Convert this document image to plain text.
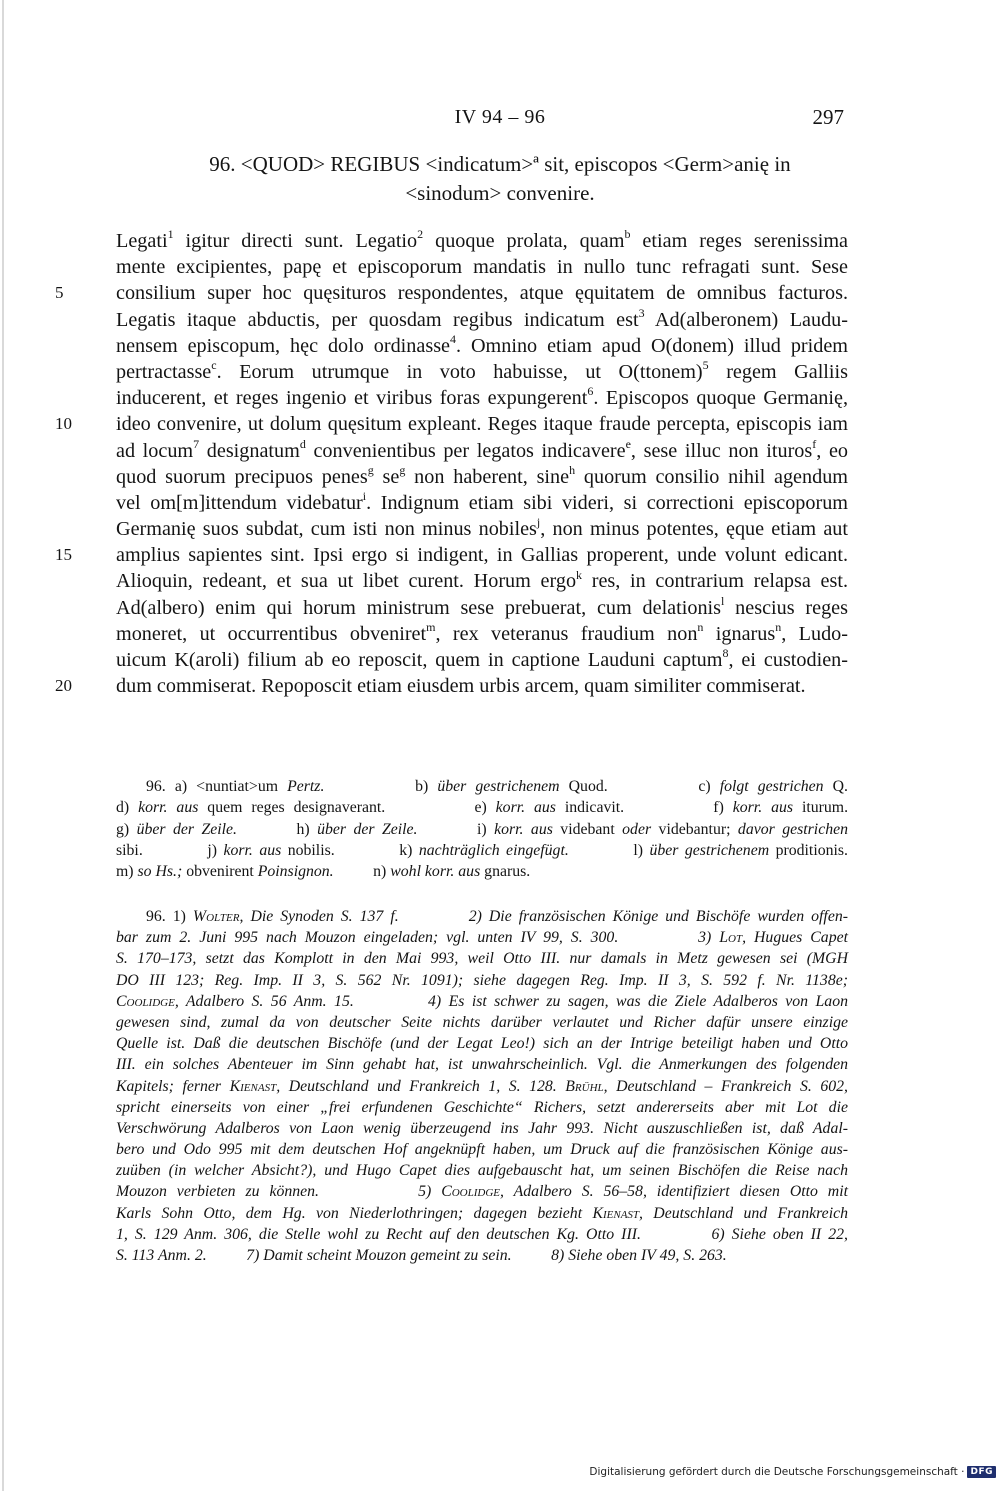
IV 94 – 96	297
96. <QUOD> REGIBUS <indicatum>ª sit, episcopos <Germ>anię in
<sinodum> convenire.
5
10
15
20
Legati$^1$ igitur directi sunt. Legatio$^2$ quoque prolata, quam$^b$ etiam reges serenissima
mente excipientes, papę et episcoporum mandatis in nullo tunc refragati sunt. Sese
consilium super hoc quęsituros respondentes, atque ęquitatem de omnibus facturos.
Legatis itaque abductis, per quosdam regibus indicatum est$^3$ Ad(alberonem) Laudu-
nensem episcopum, hęc dolo ordinasse$^4$. Omnino etiam apud O(donem) illud pridem
pertractasse$^c$. Eorum utrumque in voto habuisse, ut O(ttonem)$^5$ regem Galliis
inducerent, et reges ingenio et viribus foras expungerent$^6$. Episcopos quoque Germanię,
ideo convenire, ut dolum quęsitum expleant. Reges itaque fraude percepta, episcopis iam
ad locum$^7$ designatum$^d$ convenientibus per legatos indicavere$^e$, sese illuc non ituros$^f$, eo
quod suorum precipuos penes$^g$ $se^g$ non haberent, sine$^h$ quorum consilio nihil agendum
vel om[m]ittendum videbatur$^i$. Indignum etiam sibi videri, si correctioni episcoporum
Germanię suos subdat, cum isti non minus nobiles$^j$, non minus potentes, ęque etiam aut
amplius sapientes sint. Ipsi ergo si indigent, in Gallias properent, unde volunt edicant.
Alioquin, redeant, et sua ut libet curent. Horum ergo$^k$ res, in contrarium relapsa est.
Ad(albero) enim qui horum ministrum sese prebuerat, cum delationis$^l$ nescius reges
moneret, ut occurrentibus obveniret$^m$, rex veteranus fraudium non$^n$ ignarus$^n$, Ludo-
uicum K(aroli) filium ab eo reposcit, quem in captione Lauduni captum$^8$, ei custodien-
dum commiserat. Repoposcit etiam eiusdem urbis arcem, quam similiter commiserat.
96. a) <nuntiat>um Pertz.          b) über gestrichenem Quod.          c) folgt gestrichen Q.
d) korr. aus quem reges designaverant.          e) korr. aus indicavit.          f) korr. aus iturum.
g) über der Zeile.        h) über der Zeile.        i) korr. aus videbant oder videbantur; davor gestrichen
sibi.          j) korr. aus nobilis.          k) nachträglich eingefügt.          l) über gestrichenem proditionis.
m) so Hs.; obvenirent Poinsignon.          n) wohl korr. aus gnarus.
96. 1) Wolter, Die Synoden S. 137 f.          2) Die französischen Könige und Bischöfe wurden offen-
bar zum 2. Juni 995 nach Mouzon eingeladen; vgl. unten IV 99, S. 300.          3) Lot, Hugues Capet
S. 170–173, setzt das Komplott in den Mai 993, weil Otto III. nur damals in Metz gewesen sei (MGH
DO III 123; Reg. Imp. II 3, S. 562 Nr. 1091); siehe dagegen Reg. Imp. II 3, S. 592 f. Nr. 1138e;
Coolidge, Adalbero S. 56 Anm. 15.          4) Es ist schwer zu sagen, was die Ziele Adalberos von Laon
gewesen sind, zumal da von deutscher Seite nichts darüber verlautet und Richer dafür unsere einzige
Quelle ist. Daß die deutschen Bischöfe (und der Legat Leo!) sich an der Intrige beteiligt haben und Otto
III. ein solches Abenteuer im Sinn gehabt hat, ist unwahrscheinlich. Vgl. die Anmerkungen des folgenden
Kapitels; ferner Kienast, Deutschland und Frankreich 1, S. 128. Brühl, Deutschland – Frankreich S. 602,
spricht einerseits von einer „frei erfundenen Geschichte“ Richers, setzt andererseits aber mit Lot die
Verschwörung Adalberos von Laon wenig überzeugend ins Jahr 993. Nicht auszuschließen ist, daß Adal-
bero und Odo 995 mit dem deutschen Hof angeknüpft haben, um Druck auf die französischen Könige aus-
zuüben (in welcher Absicht?), und Hugo Capet dies aufgebauscht hat, um seinen Bischöfen die Reise nach
Mouzon verbieten zu können.          5) Coolidge, Adalbero S. 56–58, identifiziert diesen Otto mit
Karls Sohn Otto, dem Hg. von Niederlothringen; dagegen bezieht Kienast, Deutschland und Frankreich
1, S. 129 Anm. 306, die Stelle wohl zu Recht auf den deutschen Kg. Otto III.          6) Siehe oben II 22,
S. 113 Anm. 2.          7) Damit scheint Mouzon gemeint zu sein.          8) Siehe oben IV 49, S. 263.
Digitalisierung gefördert durch die Deutsche Forschungsgemeinschaft · DFG
